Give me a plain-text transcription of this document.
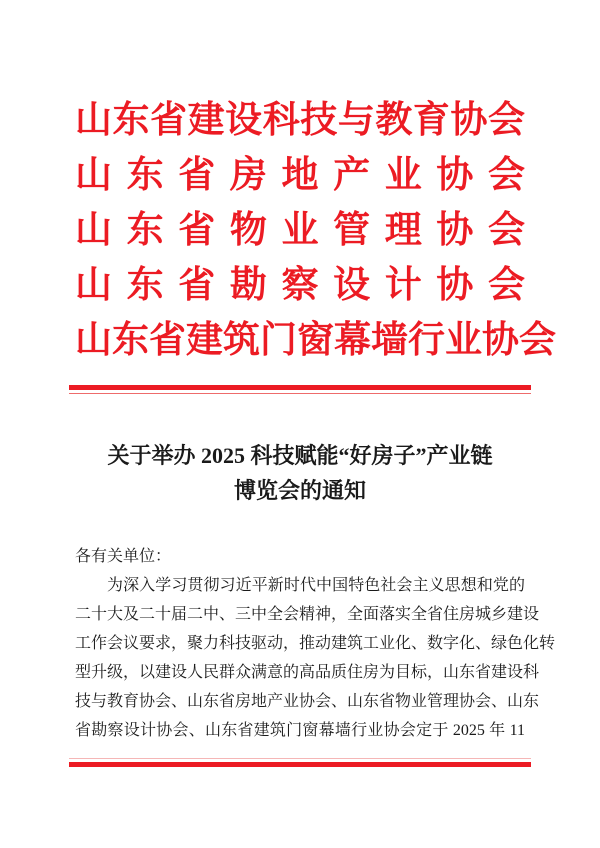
山东省建设科技与教育协会
山东省房地产业协会
山东省物业管理协会
山东省勘察设计协会
山东省建筑门窗幕墙行业协会
关于举办 2025 科技赋能“好房子”产业链
博览会的通知
各有关单位：
为深入学习贯彻习近平新时代中国特色社会主义思想和党的
二十大及二十届二中、三中全会精神，全面落实全省住房城乡建设
工作会议要求，聚力科技驱动，推动建筑工业化、数字化、绿色化转
型升级，以建设人民群众满意的高品质住房为目标，山东省建设科
技与教育协会、山东省房地产业协会、山东省物业管理协会、山东
省勘察设计协会、山东省建筑门窗幕墙行业协会定于 2025 年 11
